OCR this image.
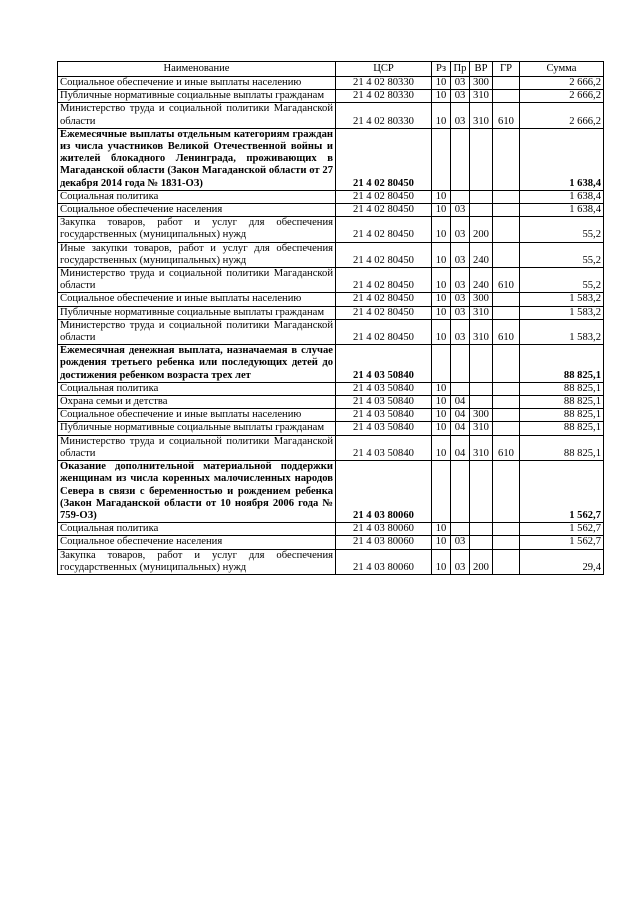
Наименование	ЦСР	Рз	Пр	ВР	ГР	Сумма
Социальное обеспечение и иные выплаты населению	21 4 02 80330	10	03	300		2 666,2
Публичные нормативные социальные выплаты гражданам	21 4 02 80330	10	03	310		2 666,2
Министерство труда и социальной политики Магаданской области	21 4 02 80330	10	03	310	610	2 666,2
Ежемесячные выплаты отдельным категориям граждан из числа участников Великой Отечественной войны и жителей блокадного Ленинграда, проживающих в Магаданской области (Закон Магаданской области от 27 декабря 2014 года № 1831-ОЗ)	21 4 02 80450					1 638,4
Социальная политика	21 4 02 80450	10				1 638,4
Социальное обеспечение населения	21 4 02 80450	10	03			1 638,4
Закупка товаров, работ и услуг для обеспечения государственных (муниципальных) нужд	21 4 02 80450	10	03	200		55,2
Иные закупки товаров, работ и услуг для обеспечения государственных (муниципальных) нужд	21 4 02 80450	10	03	240		55,2
Министерство труда и социальной политики Магаданской области	21 4 02 80450	10	03	240	610	55,2
Социальное обеспечение и иные выплаты населению	21 4 02 80450	10	03	300		1 583,2
Публичные нормативные социальные выплаты гражданам	21 4 02 80450	10	03	310		1 583,2
Министерство труда и социальной политики Магаданской области	21 4 02 80450	10	03	310	610	1 583,2
Ежемесячная денежная выплата, назначаемая в случае рождения третьего ребенка или последующих детей до достижения ребенком возраста трех лет	21 4 03 50840					88 825,1
Социальная политика	21 4 03 50840	10				88 825,1
Охрана семьи и детства	21 4 03 50840	10	04			88 825,1
Социальное обеспечение и иные выплаты населению	21 4 03 50840	10	04	300		88 825,1
Публичные нормативные социальные выплаты гражданам	21 4 03 50840	10	04	310		88 825,1
Министерство труда и социальной политики Магаданской области	21 4 03 50840	10	04	310	610	88 825,1
Оказание дополнительной материальной поддержки женщинам из числа коренных малочисленных народов Севера в связи с беременностью и рождением ребенка (Закон Магаданской области от 10 ноября 2006 года № 759-ОЗ)	21 4 03 80060					1 562,7
Социальная политика	21 4 03 80060	10				1 562,7
Социальное обеспечение населения	21 4 03 80060	10	03			1 562,7
Закупка товаров, работ и услуг для обеспечения государственных (муниципальных) нужд	21 4 03 80060	10	03	200		29,4
